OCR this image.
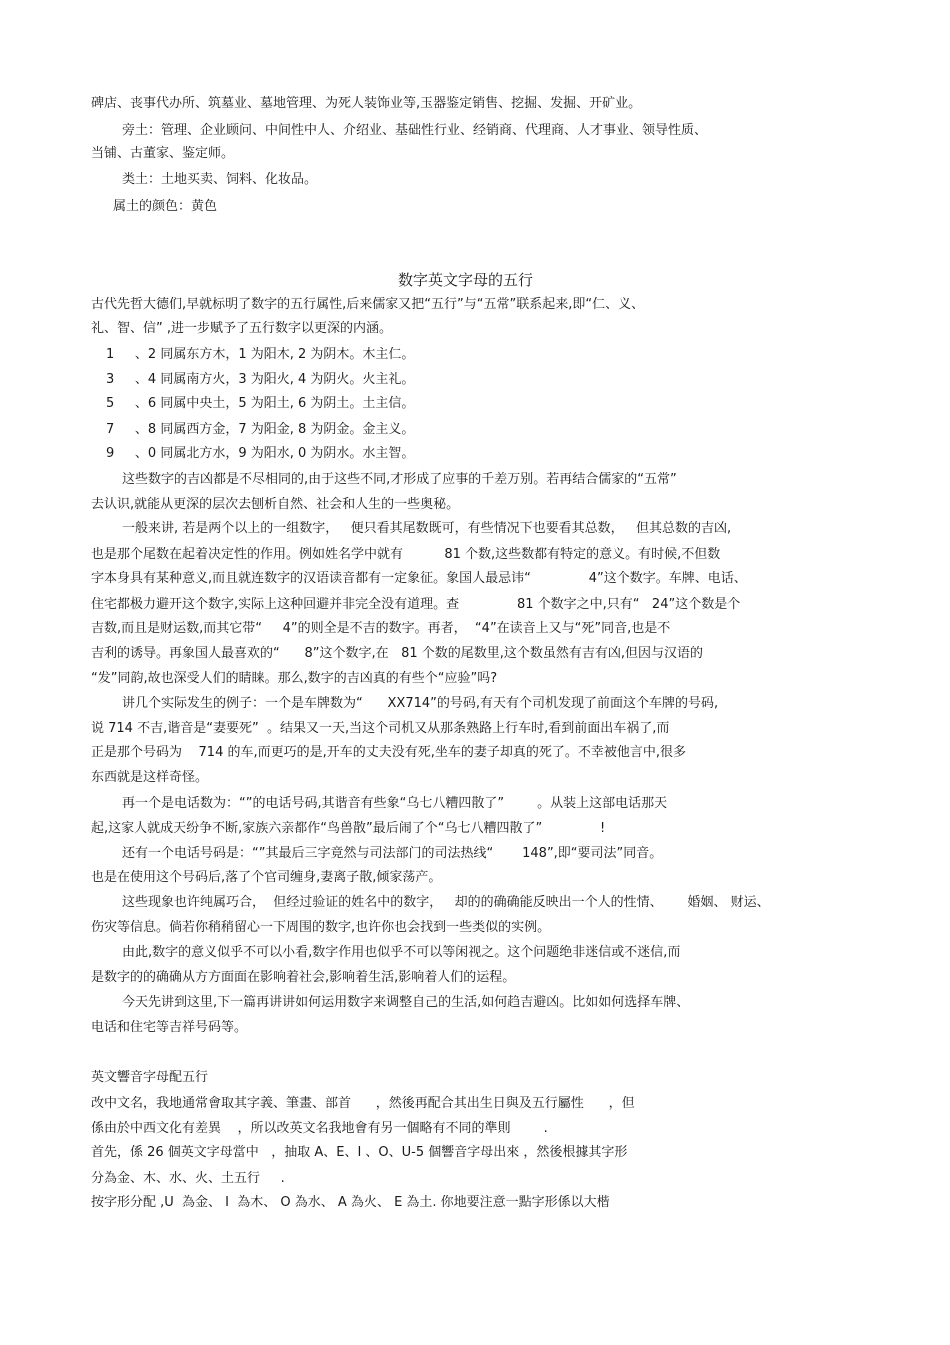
碑店、丧事代办所、筑墓业、墓地管理、为死人装饰业等,玉器鉴定销售、挖掘、发掘、开矿业。
旁土：管理、企业顾问、中间性中人、介绍业、基础性行业、经销商、代理商、人才事业、领导性质、
当铺、古董家、鉴定师。
类土：土地买卖、饲料、化妆品。
属土的颜色：黄色
数字英文字母的五行
古代先哲大德们,早就标明了数字的五行属性,后来儒家又把“五行”与“五常”联系起来,即“仁、义、
礼、智、信” ,进一步赋予了五行数字以更深的内涵。
1     、2 同属东方木，1 为阳木, 2 为阴木。木主仁。
3     、4 同属南方火，3 为阳火, 4 为阴火。火主礼。
5     、6 同属中央土，5 为阳土, 6 为阴土。土主信。
7     、8 同属西方金，7 为阳金, 8 为阴金。金主义。
9     、0 同属北方水，9 为阳水, 0 为阴水。水主智。
这些数字的吉凶都是不尽相同的,由于这些不同,才形成了应事的千差万别。若再结合儒家的“五常”
去认识,就能从更深的层次去刨析自然、社会和人生的一些奥秘。
一般来讲, 若是两个以上的一组数字，   便只看其尾数既可，有些情况下也要看其总数，   但其总数的吉凶,
也是那个尾数在起着决定性的作用。例如姓名学中就有          81 个数,这些数都有特定的意义。有时候,不但数
字本身具有某种意义,而且就连数字的汉语读音都有一定象征。象国人最忌讳“              4”这个数字。车牌、电话、
住宅都极力避开这个数字,实际上这种回避并非完全没有道理。查              81 个数字之中,只有“   24”这个数是个
吉数,而且是财运数,而其它带“     4”的则全是不吉的数字。再者，  “4”在读音上又与“死”同音,也是不
吉利的诱导。再象国人最喜欢的“      8”这个数字,在   81 个数的尾数里,这个数虽然有吉有凶,但因与汉语的
“发”同韵,故也深受人们的睛睐。那么,数字的吉凶真的有些个“应验”吗?
讲几个实际发生的例子：一个是车牌数为“      XX714”的号码,有天有个司机发现了前面这个车牌的号码,
说 714 不吉,谐音是“妻要死”  。结果又一天,当这个司机又从那条熟路上行车时,看到前面出车祸了,而
正是那个号码为    714 的车,而更巧的是,开车的丈夫没有死,坐车的妻子却真的死了。不幸被他言中,很多
东西就是这样奇怪。
再一个是电话数为：“”的电话号码,其谐音有些象“乌七八糟四散了”        。从装上这部电话那天
起,这家人就成天纷争不断,家族六亲都作“鸟兽散”最后闹了个“乌七八糟四散了”              !
还有一个电话号码是：“”其最后三字竟然与司法部门的司法热线“       148”,即“要司法”同音。
也是在使用这个号码后,落了个官司缠身,妻离子散,倾家荡产。
这些现象也许纯属巧合，  但经过验证的姓名中的数字，   却的的确确能反映出一个人的性情、      婚姻、 财运、
伤灾等信息。倘若你稍稍留心一下周围的数字,也许你也会找到一些类似的实例。
由此,数字的意义似乎不可以小看,数字作用也似乎不可以等闲视之。这个问题绝非迷信或不迷信,而
是数字的的确确从方方面面在影响着社会,影响着生活,影响着人们的运程。
今天先讲到这里,下一篇再讲讲如何运用数字来调整自己的生活,如何趋吉避凶。比如如何选择车牌、
电话和住宅等吉祥号码等。
英文響音字母配五行
改中文名，我地通常會取其字義、筆畫、部首      ，然後再配合其出生日與及五行屬性      ，但
係由於中西文化有差異    ，所以改英文名我地會有另一個略有不同的準則        .
首先，係 26 個英文字母當中   ，抽取 A、E、I 、O、U-5 個響音字母出來 ，然後根據其字形
分為金、木、水、火、土五行     .
按字形分配 ,U  為金、 I  為木、 O 為水、 A 為火、 E 為土. 你地要注意一點字形係以大楷
